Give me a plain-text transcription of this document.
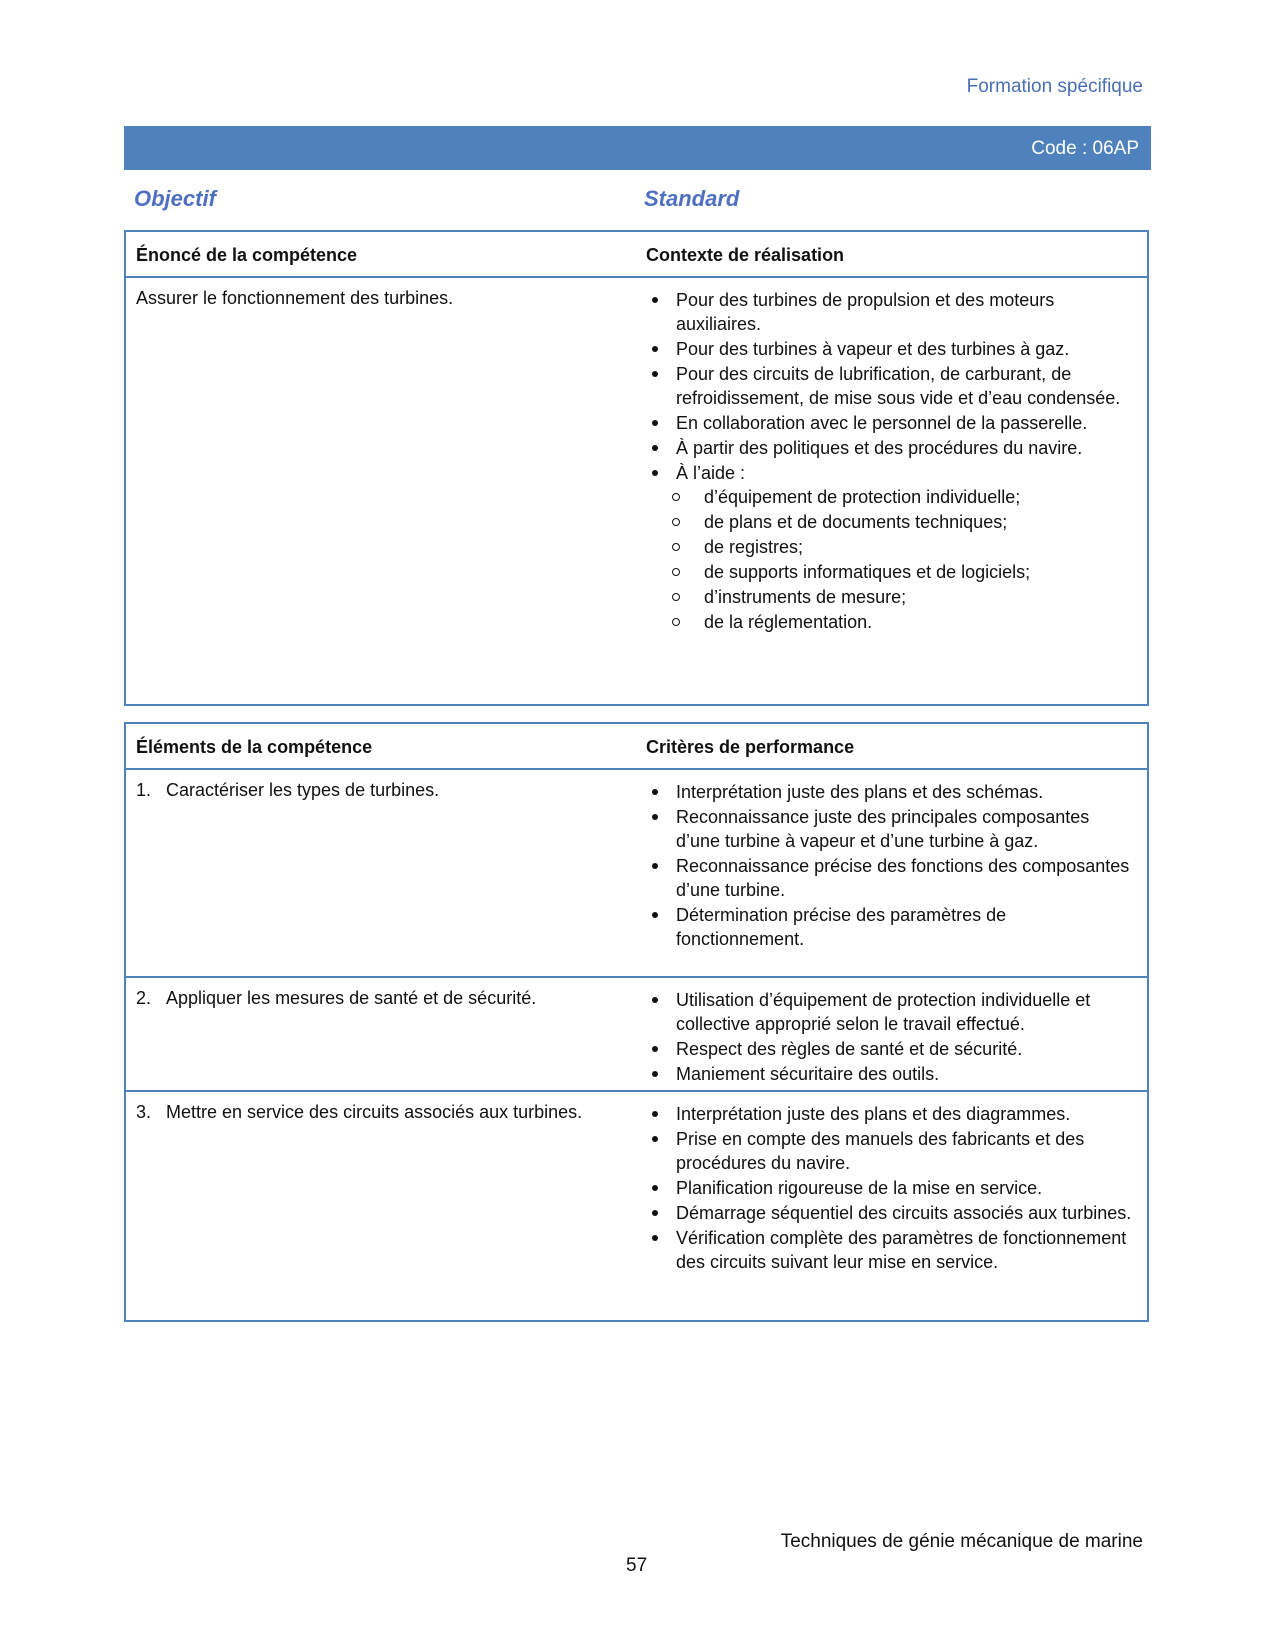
Formation spécifique
Code : 06AP
Objectif	Standard
Énoncé de la compétence	Contexte de réalisation
Assurer le fonctionnement des turbines.	Pour des turbines de propulsion et des moteurs auxiliaires.
Pour des turbines à vapeur et des turbines à gaz.
Pour des circuits de lubrification, de carburant, de refroidissement, de mise sous vide et d’eau condensée.
En collaboration avec le personnel de la passerelle.
À partir des politiques et des procédures du navire.
À l’aide :
d’équipement de protection individuelle;
de plans et de documents techniques;
de registres;
de supports informatiques et de logiciels;
d’instruments de mesure;
de la réglementation.
Éléments de la compétence	Critères de performance
1. Caractériser les types de turbines.	Interprétation juste des plans et des schémas.
Reconnaissance juste des principales composantes d’une turbine à vapeur et d’une turbine à gaz.
Reconnaissance précise des fonctions des composantes d’une turbine.
Détermination précise des paramètres de fonctionnement.
2. Appliquer les mesures de santé et de sécurité.	Utilisation d’équipement de protection individuelle et collective approprié selon le travail effectué.
Respect des règles de santé et de sécurité.
Maniement sécuritaire des outils.
3. Mettre en service des circuits associés aux turbines.	Interprétation juste des plans et des diagrammes.
Prise en compte des manuels des fabricants et des procédures du navire.
Planification rigoureuse de la mise en service.
Démarrage séquentiel des circuits associés aux turbines.
Vérification complète des paramètres de fonctionnement des circuits suivant leur mise en service.
Techniques de génie mécanique de marine
57
